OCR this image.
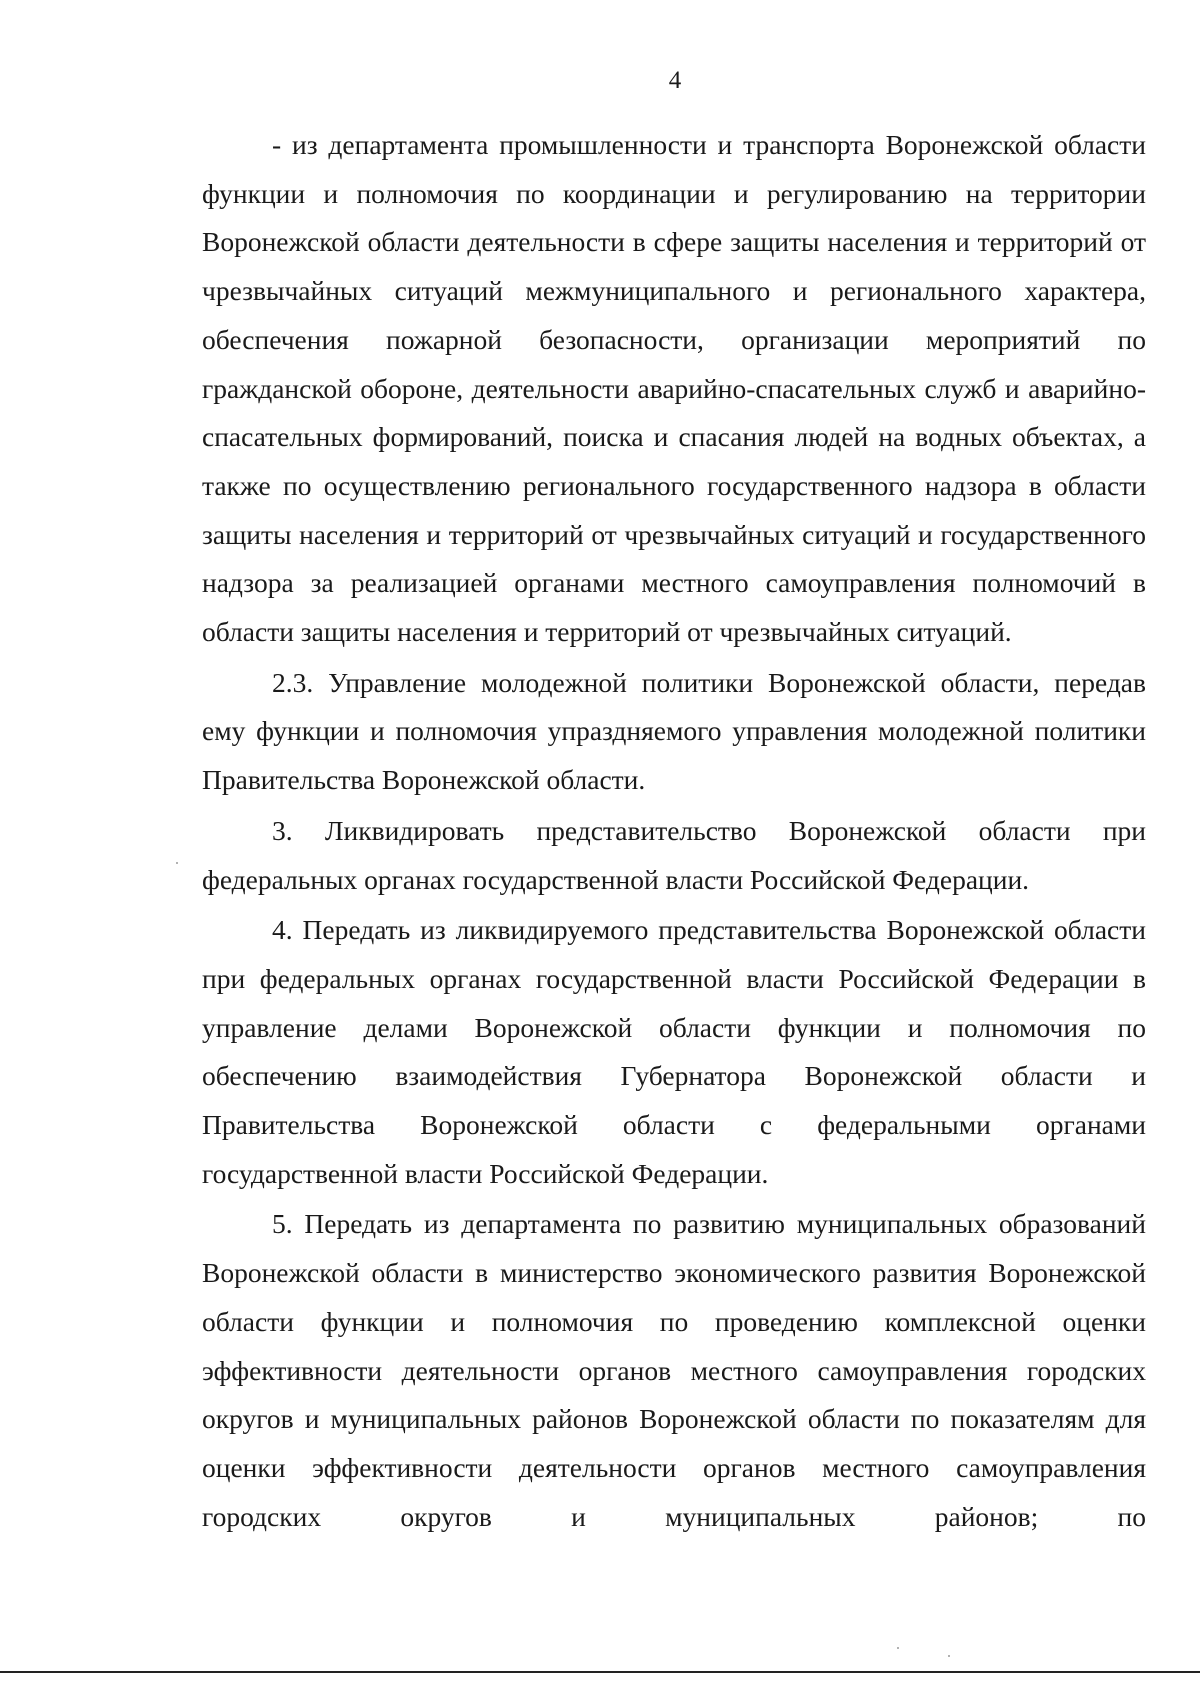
4

- из департамента промышленности и транспорта Воронежской области функции и полномочия по координации и регулированию на территории Воронежской области деятельности в сфере защиты населения и территорий от чрезвычайных ситуаций межмуниципального и регионального характера, обеспечения пожарной безопасности, организации мероприятий по гражданской обороне, деятельности аварийно-спасательных служб и аварийно-спасательных формирований, поиска и спасания людей на водных объектах, а также по осуществлению регионального государственного надзора в области защиты населения и территорий от чрезвычайных ситуаций и государственного надзора за реализацией органами местного самоуправления полномочий в области защиты населения и территорий от чрезвычайных ситуаций.

2.3. Управление молодежной политики Воронежской области, передав ему функции и полномочия упраздняемого управления молодежной политики Правительства Воронежской области.

3. Ликвидировать представительство Воронежской области при федеральных органах государственной власти Российской Федерации.

4. Передать из ликвидируемого представительства Воронежской области при федеральных органах государственной власти Российской Федерации в управление делами Воронежской области функции и полномочия по обеспечению взаимодействия Губернатора Воронежской области и Правительства Воронежской области с федеральными органами государственной власти Российской Федерации.

5. Передать из департамента по развитию муниципальных образований Воронежской области в министерство экономического развития Воронежской области функции и полномочия по проведению комплексной оценки эффективности деятельности органов местного самоуправления городских округов и муниципальных районов Воронежской области по показателям для оценки эффективности деятельности органов местного самоуправления городских округов и муниципальных районов; по
